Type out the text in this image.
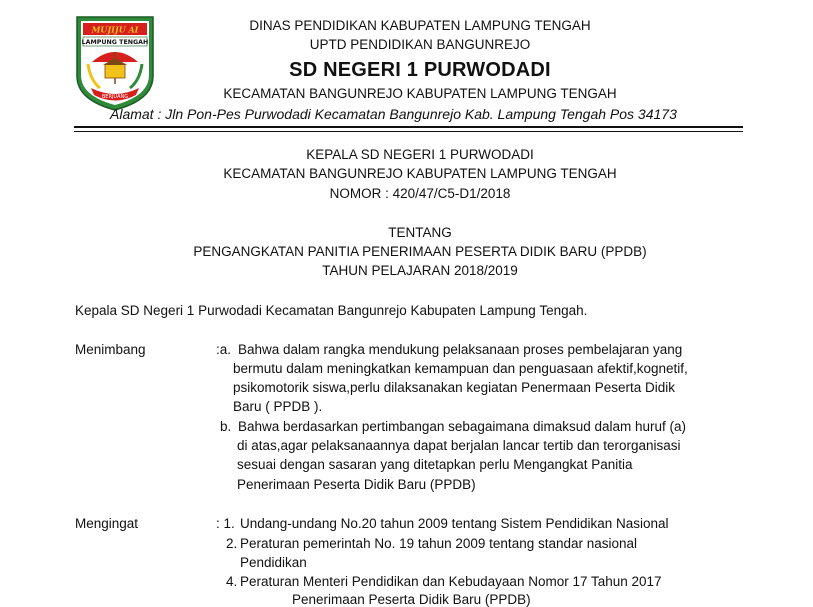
MUJIJU AI
LAMPUNG TENGAH
BERJUANG
DINAS PENDIDIKAN KABUPATEN LAMPUNG TENGAH
UPTD PENDIDIKAN BANGUNREJO
SD NEGERI 1 PURWODADI
KECAMATAN BANGUNREJO KABUPATEN LAMPUNG TENGAH
Alamat : Jln Pon-Pes Purwodadi Kecamatan Bangunrejo Kab. Lampung Tengah Pos 34173
KEPALA SD NEGERI 1 PURWODADI
KECAMATAN BANGUNREJO KABUPATEN LAMPUNG TENGAH
NOMOR : 420/47/C5-D1/2018
TENTANG
PENGANGKATAN PANITIA PENERIMAAN PESERTA DIDIK BARU (PPDB)
TAHUN PELAJARAN 2018/2019
Kepala SD Negeri 1 Purwodadi Kecamatan Bangunrejo Kabupaten Lampung Tengah.
Menimbang	:a. Bahwa dalam rangka mendukung pelaksanaan proses pembelajaran yang
bermutu dalam meningkatkan kemampuan dan penguasaan afektif,kognetif,
psikomotorik siswa,perlu dilaksanakan kegiatan Penermaan Peserta Didik
Baru ( PPDB ).
b. Bahwa berdasarkan pertimbangan sebagaimana dimaksud dalam huruf (a)
di atas,agar pelaksanaannya dapat berjalan lancar tertib dan terorganisasi
sesuai dengan sasaran yang ditetapkan perlu Mengangkat Panitia
Penerimaan Peserta Didik Baru (PPDB)
Mengingat	: 1. Undang-undang No.20 tahun 2009 tentang Sistem Pendidikan Nasional
2. Peraturan pemerintah No. 19 tahun 2009 tentang standar nasional
Pendidikan
4. Peraturan Menteri Pendidikan dan Kebudayaan Nomor 17 Tahun 2017
Penerimaan Peserta Didik Baru (PPDB)
